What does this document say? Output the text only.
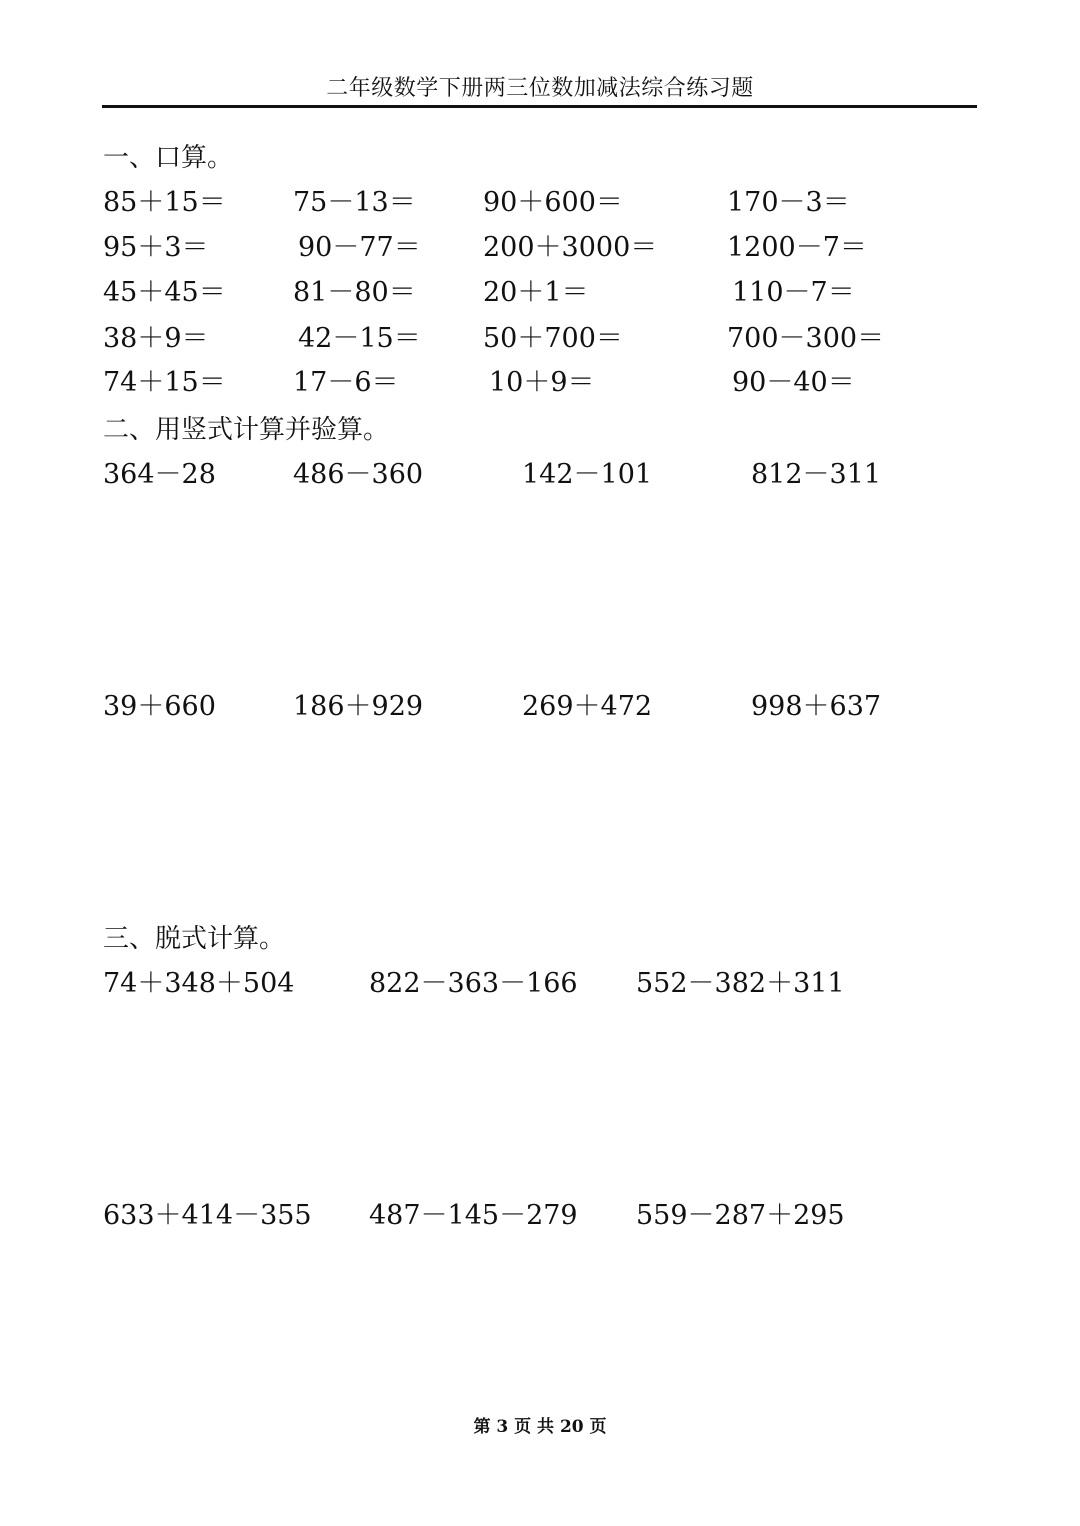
二年级数学下册两三位数加减法综合练习题
一、口算。
85＋15＝ 75－13＝ 90＋600＝	170－3＝
95＋3＝	90－77＝ 200＋3000＝	1200－7＝
45＋45＝ 81－80＝ 20＋1＝	110－7＝
38＋9＝	42－15＝ 50＋700＝	700－300＝
74＋15＝ 17－6＝	10＋9＝	90－40＝
二、用竖式计算并验算。
364－28	486－360	142－101	812－311
39＋660	186＋929	269＋472	998＋637
三、脱式计算。
74＋348＋504	822－363－166 552－382＋311
633＋414－355 487－145－279 559－287＋295
第 3 页 共 20 页
